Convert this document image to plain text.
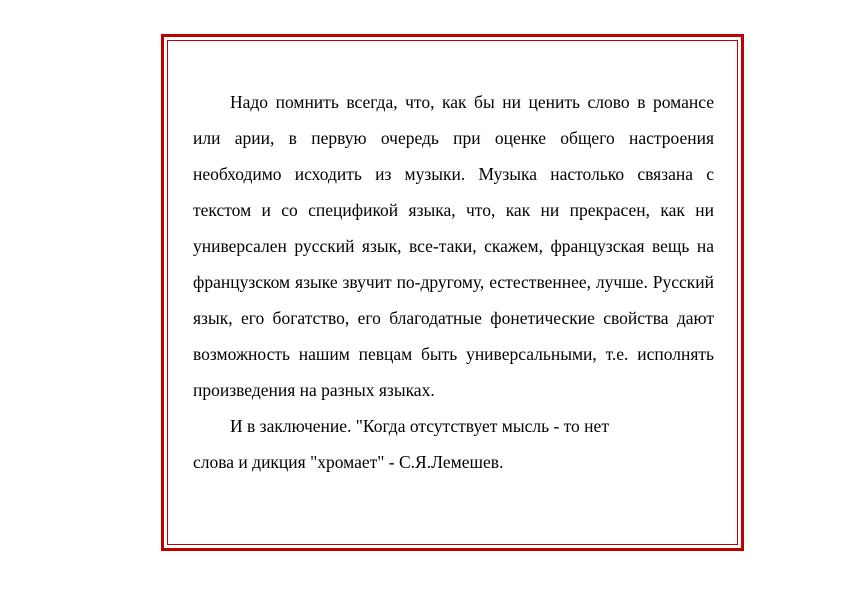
Надо помнить всегда, что, как бы ни ценить слово в романсе или арии, в первую очередь при оценке общего настроения необходимо исходить из музыки. Музыка настолько связана с текстом и со спецификой языка, что, как ни прекрасен, как ни универсален русский язык, все-таки, скажем, французская вещь на французском языке звучит по-другому, естественнее, лучше. Русский язык, его богатство, его благодатные фонетические свойства дают возможность нашим певцам быть универсальными, т.е. исполнять произведения на разных языках.

И в заключение. "Когда отсутствует мысль - то нет
слова и дикция "хромает" - С.Я.Лемешев.
